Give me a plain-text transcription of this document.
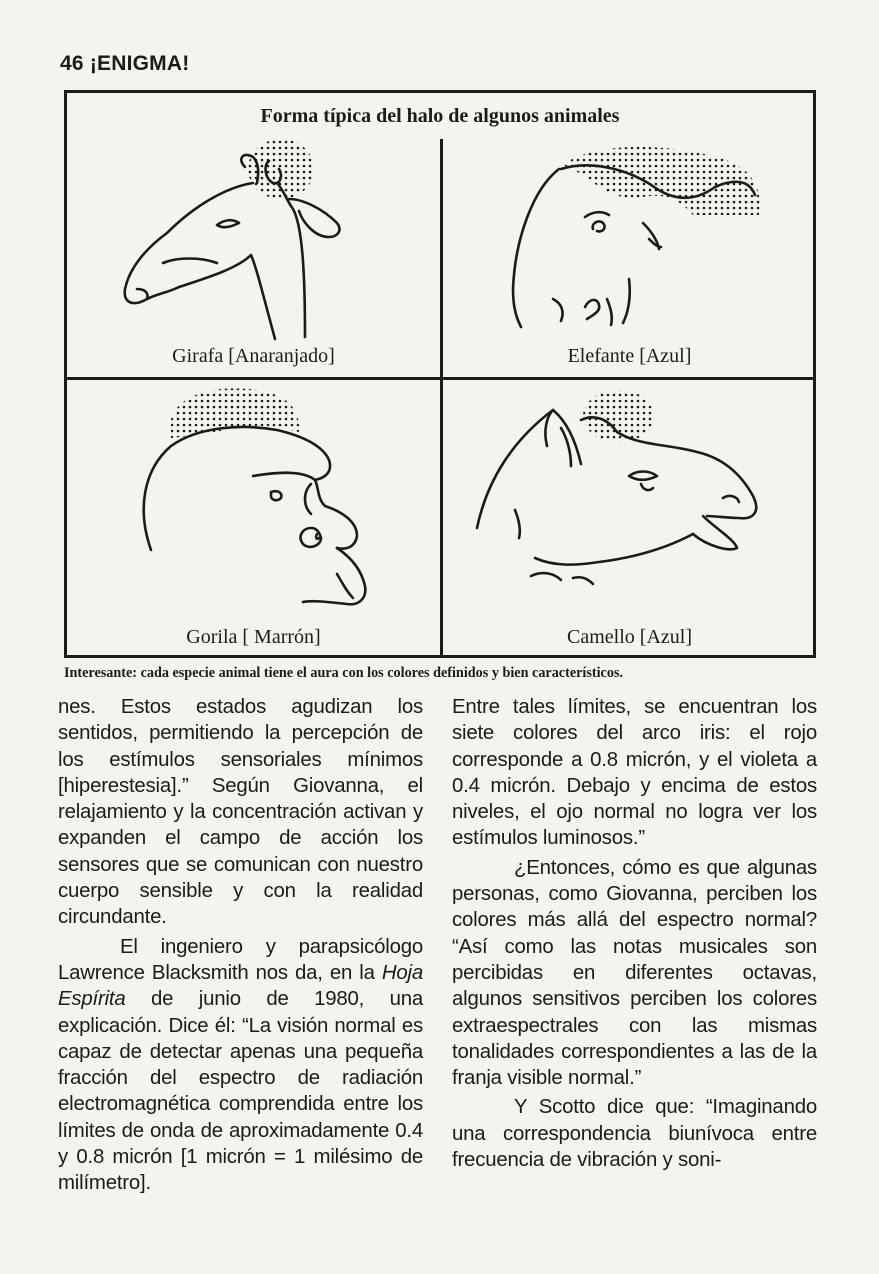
46 ¡ENIGMA!
Forma típica del halo de algunos animales
Girafa [Anaranjado]	Elefante [Azul]
Gorila [ Marrón]	Camello [Azul]
Interesante: cada especie animal tiene el aura con los colores definidos y bien característicos.

nes. Estos estados agudizan los sentidos, permitiendo la percepción de los estímulos sensoriales mínimos [hiperestesia].” Según Giovanna, el relajamiento y la concentración activan y expanden el campo de acción los sensores que se comunican con nuestro cuerpo sensible y con la realidad circundante.

El ingeniero y parapsicólogo Lawrence Blacksmith nos da, en la Hoja Espírita de junio de 1980, una explicación. Dice él: “La visión normal es capaz de detectar apenas una pequeña fracción del espectro de radiación electromagnética comprendida entre los límites de onda de aproximadamente 0.4 y 0.8 micrón [1 micrón = 1 milésimo de milímetro].

Entre tales límites, se encuentran los siete colores del arco iris: el rojo corresponde a 0.8 micrón, y el violeta a 0.4 micrón. Debajo y encima de estos niveles, el ojo normal no logra ver los estímulos luminosos.”

¿Entonces, cómo es que algunas personas, como Giovanna, perciben los colores más allá del espectro normal? “Así como las notas musicales son percibidas en diferentes octavas, algunos sensitivos perciben los colores extraespectrales con las mismas tonalidades correspondientes a las de la franja visible normal.”

Y Scotto dice que: “Imaginando una correspondencia biunívoca entre frecuencia de vibración y soni-
